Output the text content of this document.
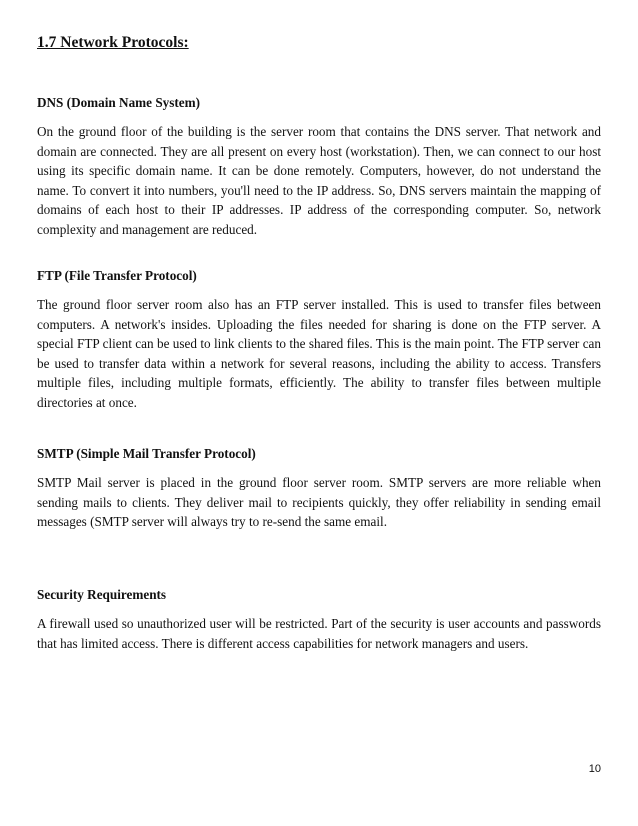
1.7 Network Protocols:

DNS (Domain Name System)

On the ground floor of the building is the server room that contains the DNS server. That network and domain are connected. They are all present on every host (workstation). Then, we can connect to our host using its specific domain name. It can be done remotely. Computers, however, do not understand the name. To convert it into numbers, you'll need to the IP address. So, DNS servers maintain the mapping of domains of each host to their IP addresses. IP address of the corresponding computer. So, network complexity and management are reduced.

FTP (File Transfer Protocol)

The ground floor server room also has an FTP server installed. This is used to transfer files between computers. A network's insides. Uploading the files needed for sharing is done on the FTP server. A special FTP client can be used to link clients to the shared files. This is the main point. The FTP server can be used to transfer data within a network for several reasons, including the ability to access. Transfers multiple files, including multiple formats, efficiently. The ability to transfer files between multiple directories at once.

SMTP (Simple Mail Transfer Protocol)

SMTP Mail server is placed in the ground floor server room. SMTP servers are more reliable when sending mails to clients. They deliver mail to recipients quickly, they offer reliability in sending email messages (SMTP server will always try to re-send the same email.

Security Requirements

A firewall used so unauthorized user will be restricted. Part of the security is user accounts and passwords that has limited access. There is different access capabilities for network managers and users.

10
